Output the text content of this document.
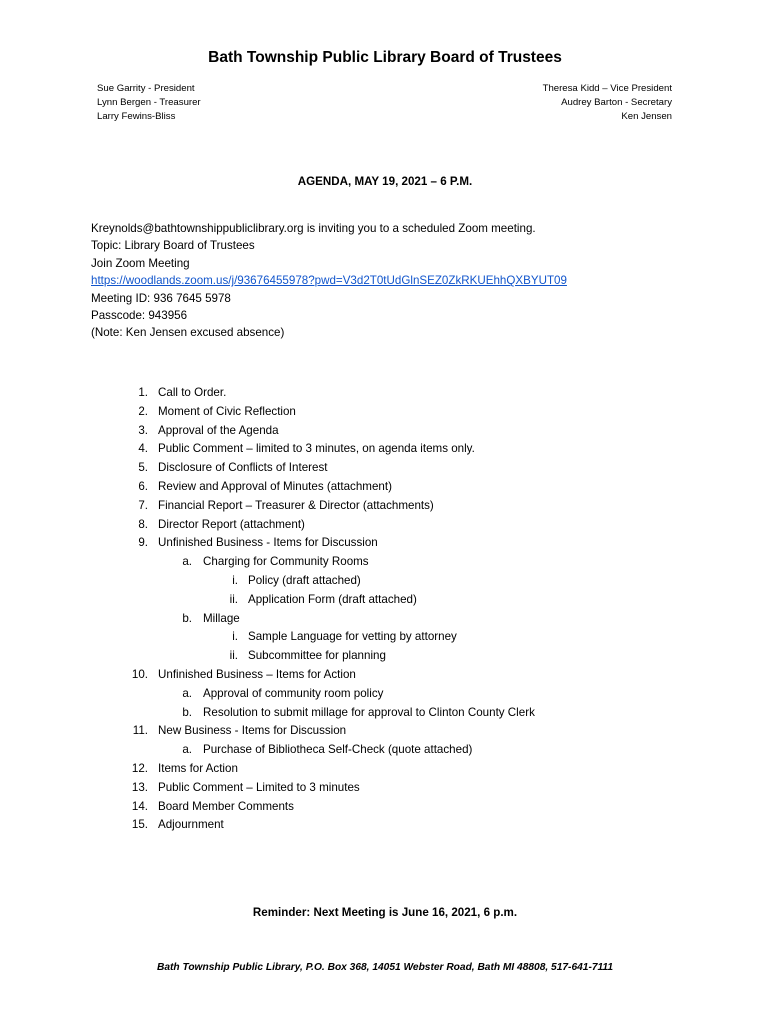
Bath Township Public Library Board of Trustees
Sue Garrity - President
Lynn Bergen - Treasurer
Larry Fewins-Bliss
Theresa Kidd – Vice President
Audrey Barton - Secretary
Ken Jensen
AGENDA, MAY 19, 2021 – 6 P.M.
Kreynolds@bathtownshippubliclibrary.org is inviting you to a scheduled Zoom meeting.
Topic: Library Board of Trustees
Join Zoom Meeting
https://woodlands.zoom.us/j/93676455978?pwd=V3d2T0tUdGlnSEZ0ZkRKUEhhQXBYUT09
Meeting ID: 936 7645 5978
Passcode: 943956
(Note: Ken Jensen excused absence)
1. Call to Order.
2. Moment of Civic Reflection
3. Approval of the Agenda
4. Public Comment – limited to 3 minutes, on agenda items only.
5. Disclosure of Conflicts of Interest
6. Review and Approval of Minutes (attachment)
7. Financial Report – Treasurer & Director (attachments)
8. Director Report (attachment)
9. Unfinished Business - Items for Discussion
a. Charging for Community Rooms
i. Policy (draft attached)
ii. Application Form (draft attached)
b. Millage
i. Sample Language for vetting by attorney
ii. Subcommittee for planning
10. Unfinished Business – Items for Action
a. Approval of community room policy
b. Resolution to submit millage for approval to Clinton County Clerk
11. New Business - Items for Discussion
a. Purchase of Bibliotheca Self-Check (quote attached)
12. Items for Action
13. Public Comment – Limited to 3 minutes
14. Board Member Comments
15. Adjournment
Reminder: Next Meeting is June 16, 2021, 6 p.m.
Bath Township Public Library, P.O. Box 368, 14051 Webster Road, Bath MI 48808, 517-641-7111
